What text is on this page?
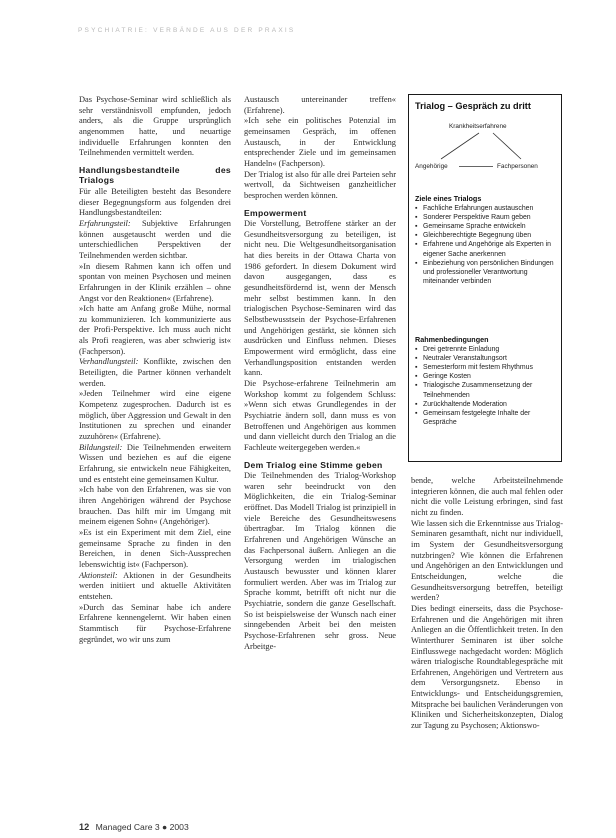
PSYCHIATRIE: VERBÄNDE AUS DER PRAXIS

Das Psychose-Seminar wird schließlich als sehr verständnisvoll empfunden, jedoch anders, als die Gruppe ursprünglich angenommen hatte, und neuartige individuelle Erfahrungen konnten den Teilnehmenden vermittelt werden.

Handlungsbestandteile des Trialogs

Für alle Beteiligten besteht das Besondere dieser Begegnungsform aus folgenden drei Handlungsbestandteilen:

Erfahrungsteil: Subjektive Erfahrungen können ausgetauscht werden und die unterschiedlichen Perspektiven der Teilnehmenden werden sichtbar.

»In diesem Rahmen kann ich offen und spontan von meinen Psychosen und meinen Erfahrungen in der Klinik erzählen – ohne Angst vor den Reaktionen« (Erfahrene).

»Ich hatte am Anfang große Mühe, normal zu kommunizieren. Ich kommunizierte aus der Profi-Perspektive. Ich muss auch nicht als Profi reagieren, was aber schwierig ist« (Fachperson).

Verhandlungsteil: Konflikte, zwischen den Beteiligten, die Partner können verhandelt werden.

»Jeden Teilnehmer wird eine eigene Kompetenz zugesprochen. Dadurch ist es möglich, über Aggression und Gewalt in den Institutionen zu sprechen und einander zuzuhören« (Erfahrene).

Bildungsteil: Die Teilnehmenden erweitern Wissen und beziehen es auf die eigene Erfahrung, sie entwickeln neue Fähigkeiten, und es entsteht eine gemeinsamen Kultur.

»Ich habe von den Erfahrenen, was sie von ihren Angehörigen während der Psychose brauchen. Das hilft mir im Umgang mit meinem eigenen Sohn« (Angehöriger).

»Es ist ein Experiment mit dem Ziel, eine gemeinsame Sprache zu finden in den Bereichen, in denen Sich-Aussprechen lebenswichtig ist« (Fachperson).

Aktionsteil: Aktionen in der Gesundheits werden initiiert und aktuelle Aktivitäten entstehen.

»Durch das Seminar habe ich andere Erfahrene kennengelernt. Wir haben einen Stammtisch für Psychose-Erfahrene gegründet, wo wir uns zum

Austausch untereinander treffen« (Erfahrene).

»Ich sehe ein politisches Potenzial im gemeinsamen Gespräch, im offenen Austausch, in der Entwicklung entsprechender Ziele und im gemeinsamen Handeln« (Fachperson).

Der Trialog ist also für alle drei Parteien sehr wertvoll, da Sichtweisen ganzheitlicher besprochen werden können.

Empowerment

Die Vorstellung, Betroffene stärker an der Gesundheitsversorgung zu beteiligen, ist nicht neu. Die Weltgesundheitsorganisation hat dies bereits in der Ottawa Charta von 1986 gefordert. In diesem Dokument wird davon ausgegangen, dass es gesundheitsfördernd ist, wenn der Mensch mehr selbst bestimmen kann. In den trialogischen Psychose-Seminaren wird das Selbstbewusstsein der Psychose-Erfahrenen und Angehörigen gestärkt, sie können sich ausdrücken und Einfluss nehmen. Dieses Empowerment wird ermöglicht, dass eine Verhandlungsposition entstanden werden kann.

Die Psychose-erfahrene Teilnehmerin am Workshop kommt zu folgendem Schluss: »Wenn sich etwas Grundlegendes in der Psychiatrie ändern soll, dann muss es von Betroffenen und Angehörigen aus kommen und dann vielleicht durch den Trialog an die Fachleute weitergegeben werden.«

Dem Trialog eine Stimme geben

Die Teilnehmenden des Trialog-Workshop waren sehr beeindruckt von den Möglichkeiten, die ein Trialog-Seminar eröffnet. Das Modell Trialog ist prinzipiell in viele Bereiche des Gesundheitswesens übertragbar. Im Trialog können die Erfahrenen und Angehörigen Wünsche an das Fachpersonal äußern. Anliegen an die Versorgung werden im trialogischen Austausch bewusster und können klarer formuliert werden. Aber was im Trialog zur Sprache kommt, betrifft oft nicht nur die Psychiatrie, sondern die ganze Gesellschaft. So ist beispielsweise der Wunsch nach einer sinngebenden Arbeit bei den meisten Psychose-Erfahrenen sehr gross. Neue Arbeitge-

Trialog – Gespräch zu dritt
Krankheitserfahrene
Angehörige	Fachpersonen
Ziele eines Trialogs
▪ Fachliche Erfahrungen austauschen
▪ Sonderer Perspektive Raum geben
▪ Gemeinsame Sprache entwickeln
▪ Gleichberechtigte Begegnung üben
▪ Erfahrene und Angehörige als Experten in eigener Sache anerkennen
▪ Einbeziehung von persönlichen Bindungen und professioneller Verantwortung miteinander verbinden
Rahmenbedingungen
▪ Drei getrennte Einladung
▪ Neutraler Veranstaltungsort
▪ Semesterform mit festem Rhythmus
▪ Geringe Kosten
▪ Trialogische Zusammensetzung der Teilnehmenden
▪ Zurückhaltende Moderation
▪ Gemeinsam festgelegte Inhalte der Gespräche

bende, welche Arbeitsteilnehmende integrieren können, die auch mal fehlen oder nicht die volle Leistung erbringen, sind fast nicht zu finden.

Wie lassen sich die Erkenntnisse aus Trialog-Seminaren gesamthaft, nicht nur individuell, im System der Gesundheitsversorgung nutzbringen? Wie können die Erfahrenen und Angehörigen an den Entwicklungen und Entscheidungen, welche die Gesundheitsversorgung betreffen, beteiligt werden?

Dies bedingt einerseits, dass die Psychose-Erfahrenen und die Angehörigen mit ihren Anliegen an die Öffentlichkeit treten. In den Winterthurer Seminaren ist über solche Einflusswege nachgedacht worden: Möglich wären trialogische Roundtablegespräche mit Erfahrenen, Angehörigen und Vertretern aus dem Versorgungsnetz. Ebenso in Entwicklungs- und Entscheidungsgremien, Mitsprache bei baulichen Veränderungen von Kliniken und Sicherheitskonzepten, Dialog zur Tagung zu Psychosen; Aktionswo-

12 Managed Care 3 ● 2003
